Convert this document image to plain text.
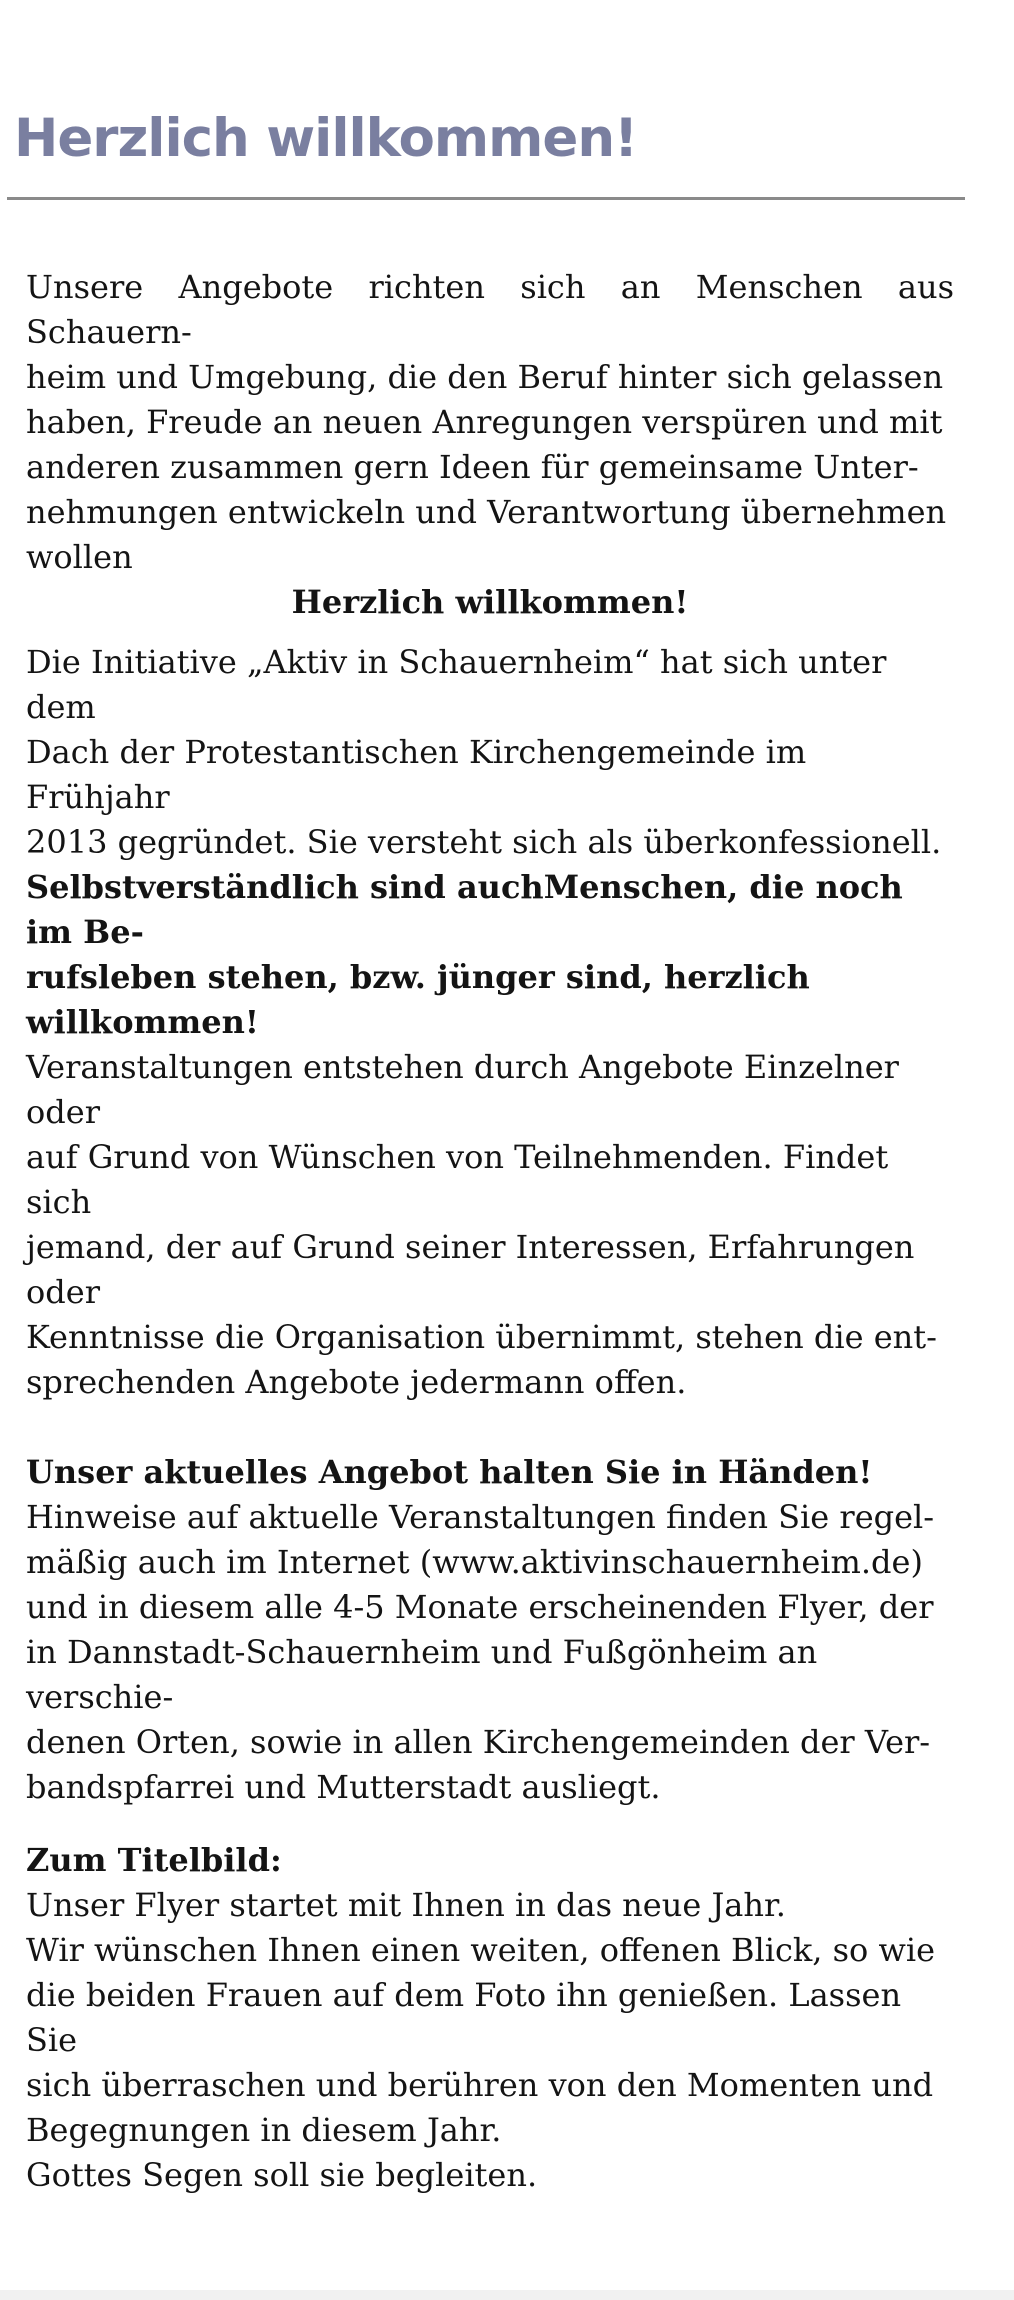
Herzlich willkommen!

Unsere Angebote richten sich an Menschen aus Schauern-
heim und Umgebung, die den Beruf hinter sich gelassen
haben, Freude an neuen Anregungen verspüren und mit
anderen zusammen gern Ideen für gemeinsame Unter-
nehmungen entwickeln und Verantwortung übernehmen
wollen

Herzlich willkommen!

Die Initiative „Aktiv in Schauernheim“ hat sich unter dem
Dach der Protestantischen Kirchengemeinde im Frühjahr
2013 gegründet. Sie versteht sich als überkonfessionell.
Selbstverständlich sind auchMenschen, die noch im Be-
rufsleben stehen, bzw. jünger sind, herzlich willkommen!
Veranstaltungen entstehen durch Angebote Einzelner oder
auf Grund von Wünschen von Teilnehmenden. Findet sich
jemand, der auf Grund seiner Interessen, Erfahrungen oder
Kenntnisse die Organisation übernimmt, stehen die ent-
sprechenden Angebote jedermann offen.

Unser aktuelles Angebot halten Sie in Händen!
Hinweise auf aktuelle Veranstaltungen finden Sie regel-
mäßig auch im Internet (www.aktivinschauernheim.de)
und in diesem alle 4-5 Monate erscheinenden Flyer, der
in Dannstadt-Schauernheim und Fußgönheim an verschie-
denen Orten, sowie in allen Kirchengemeinden der Ver-
bandspfarrei und Mutterstadt ausliegt.

Zum Titelbild:
Unser Flyer startet mit Ihnen in das neue Jahr.
Wir wünschen Ihnen einen weiten, offenen Blick, so wie
die beiden Frauen auf dem Foto ihn genießen. Lassen Sie
sich überraschen und berühren von den Momenten und
Begegnungen in diesem Jahr.
Gottes Segen soll sie begleiten.
